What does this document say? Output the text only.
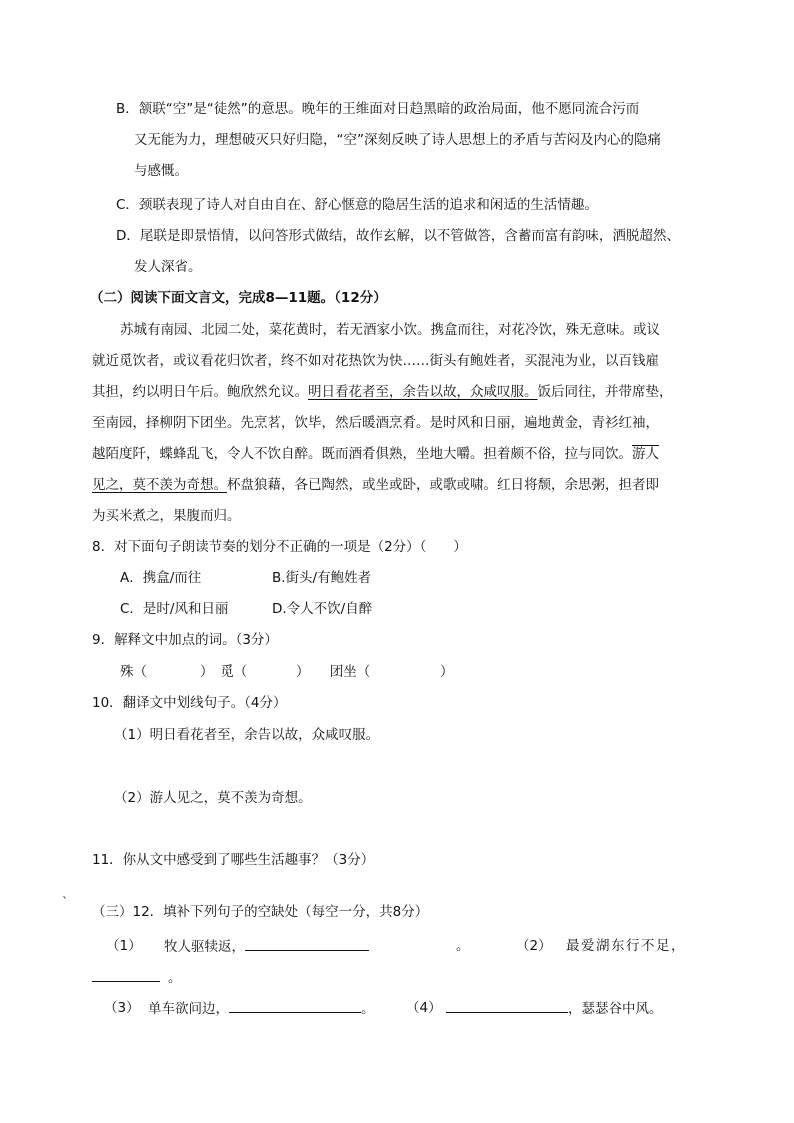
B．颔联“空”是“徒然”的意思。晚年的王维面对日趋黑暗的政治局面，他不愿同流合污而
又无能为力，理想破灭只好归隐，“空”深刻反映了诗人思想上的矛盾与苦闷及内心的隐痛
与感慨。
C．颈联表现了诗人对自由自在、舒心惬意的隐居生活的追求和闲适的生活情趣。
D．尾联是即景悟情，以问答形式做结，故作玄解，以不管做答，含蓄而富有韵味，洒脱超然、
发人深省。
（二）阅读下面文言文，完成8—11题。（12分）
苏城有南园、北园二处，菜花黄时，若无酒家小饮。携盒而往，对花冷饮，殊无意味。或议
就近觅饮者，或议看花归饮者，终不如对花热饮为快……街头有鲍姓者，买混沌为业，以百钱雇
其担，约以明日午后。鲍欣然允议。明日看花者至，余告以故，众咸叹服。饭后同往，并带席垫，
至南园，择柳阴下团坐。先烹茗，饮毕，然后暖酒烹肴。是时风和日丽，遍地黄金，青衫红袖，
越陌度阡，蝶蜂乱飞，令人不饮自醉。既而酒肴俱熟，坐地大嚼。担着颇不俗，拉与同饮。游人
见之，莫不羡为奇想。杯盘狼藉，各已陶然，或坐或卧，或歌或啸。红日将颓，余思粥，担者即
为买米煮之，果腹而归。
8．对下面句子朗读节奏的划分不正确的一项是（2分）（　　）
A．携盒/而往	B.街头/有鲍姓者
C．是时/风和日丽	D.令人不饮/自醉
9．解释文中加点的词。（3分）
殊（	）　觅（	）　　团坐（	）
10．翻译文中划线句子。（4分）
（1）明日看花者至，余告以故，众咸叹服。
（2）游人见之，莫不羡为奇想。
11．你从文中感受到了哪些生活趣事？（3分）
`
（三）12．填补下列句子的空缺处（每空一分，共8分）
（1） 牧人驱犊返，	。	（2） 最爱湖东行不足，
。
（3） 单车欲问边，	。 （4）	，瑟瑟谷中风。
